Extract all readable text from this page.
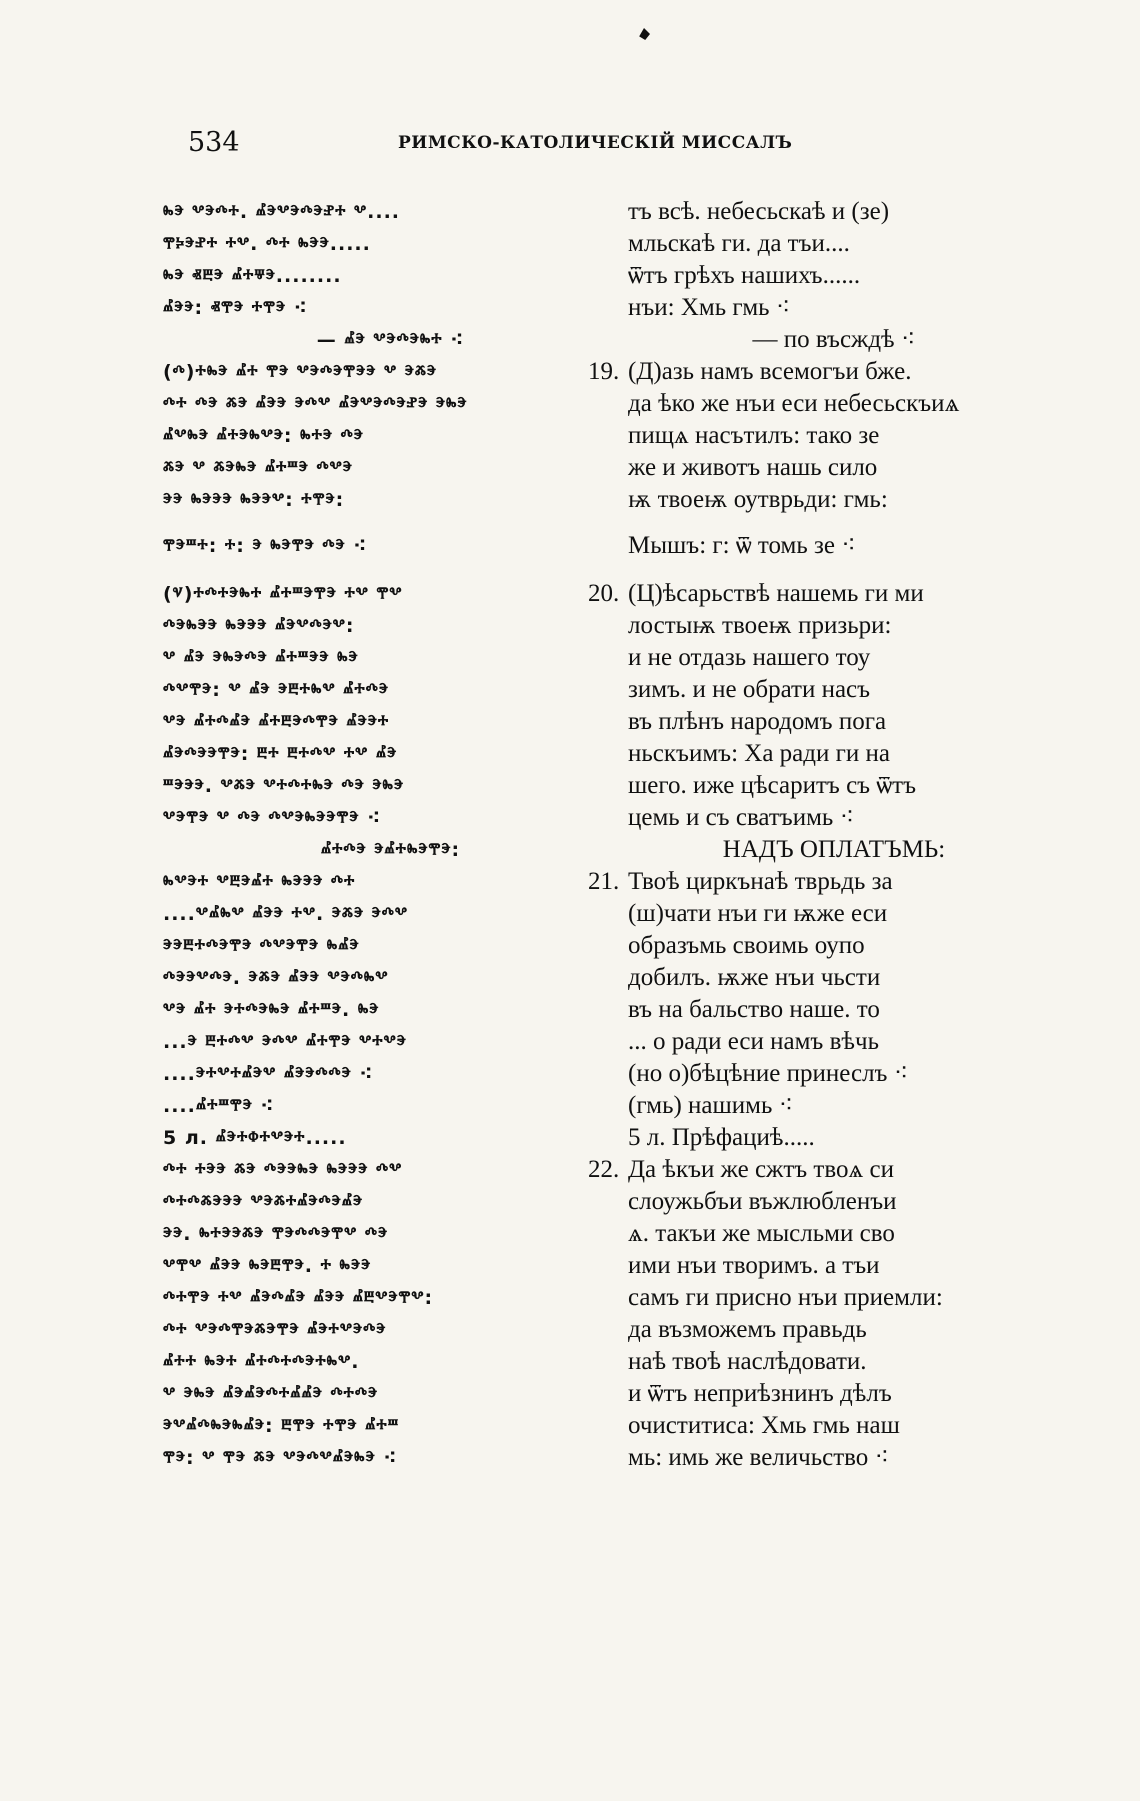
534	РИМСКО-КАТОЛИЧЕСКІЙ МИССАЛЪ
ⰸⰵ ⰲⰵⰴⰰ. ⰼⰵⰲⰵⰴⰵⱀⰰ ⰲ....
ⰹⰽⰵⱀⰰ ⰰⰲ. ⰴⰰ ⰸⰵⰵ.....
ⰸⰵ ⱏⰱⰵ ⰼⰰⱋⰵ........
ⰼⰵⰵ: ⱏⰹⰵ ⰰⰹⰵ ⁖
— ⰼⰵ ⰲⰵⰴⰵⰸⰰ ⁖
(ⰴ)ⰰⰸⰵ ⰼⰰ ⰹⰵ ⰲⰵⰴⰵⰹⰵⰵ ⰲ ⰵⰶⰵ
ⰴⰰ ⰴⰵ ⰶⰵ ⰼⰵⰵ ⰵⰴⰲ ⰼⰵⰲⰵⰴⰵⱀⰵ ⰵⰸⰵ
ⰼⰲⰸⰵ ⰼⰰⰵⰸⰲⰵ: ⰸⰰⰵ ⰴⰵ
ⰶⰵ ⰲ ⰶⰵⰸⰵ ⰼⰰⱎⰵ ⰴⰲⰵ
ⰵⰵ ⰸⰵⰵⰵ ⰸⰵⰵⰲ: ⰰⰹⰵ:
ⰹⰵⱎⰰ: ⰰ: ⰵ ⰸⰵⰹⰵ ⰴⰵ ⁖
(ⱌ)ⰰⰴⰰⰵⰸⰰ ⰼⰰⱎⰵⰹⰵ ⰰⰲ ⰹⰲ
ⰴⰵⰸⰵⰵ ⰸⰵⰵⰵ ⰼⰵⰲⰴⰵⰲ:
ⰲ ⰼⰵ ⰵⰸⰵⰴⰵ ⰼⰰⱎⰵⰵ ⰸⰵ
ⰴⰲⰹⰵ: ⰲ ⰼⰵ ⰵⰱⰰⰸⰲ ⰼⰰⰴⰵ
ⰲⰵ ⰼⰰⰴⰼⰵ ⰼⰰⰱⰵⰴⰹⰵ ⰼⰵⰵⰰ
ⰼⰵⰴⰵⰵⰹⰵ: ⰱⰰ ⰱⰰⰴⰲ ⰰⰲ ⰼⰵ
ⱎⰵⰵⰵ. ⰲⰶⰵ ⰲⰰⰴⰰⰸⰵ ⰴⰵ ⰵⰸⰵ
ⰲⰵⰹⰵ ⰲ ⰴⰵ ⰴⰲⰵⰸⰵⰵⰹⰵ ⁖
ⰼⰰⰴⰵ ⰵⰼⰰⰸⰵⰹⰵ:
ⰸⰲⰵⰰ ⰲⰱⰵⰼⰰ ⰸⰵⰵⰵ ⰴⰰ
....ⰲⰼⰸⰲ ⰼⰵⰵ ⰰⰲ. ⰵⰶⰵ ⰵⰴⰲ
ⰵⰵⰱⰰⰴⰵⰹⰵ ⰴⰲⰵⰹⰵ ⰸⰼⰵ
ⰴⰵⰵⰲⰴⰵ. ⰵⰶⰵ ⰼⰵⰵ ⰲⰵⰴⰸⰲ
ⰲⰵ ⰼⰰ ⰵⰰⰴⰵⰸⰵ ⰼⰰⱎⰵ. ⰸⰵ
...ⰵ ⰱⰰⰴⰲ ⰵⰴⰲ ⰼⰰⰹⰵ ⰲⰰⰲⰵ
....ⰵⰰⰲⰰⰼⰵⰲ ⰼⰵⰵⰴⰴⰵ ⁖
....ⰼⰰⱎⰹⰵ ⁖
5 л. ⰼⰵⰰⱇⰰⰲⰵⰰ.....
ⰴⰰ ⰰⰵⰵ ⰶⰵ ⰴⰵⰵⰸⰵ ⰸⰵⰵⰵ ⰴⰲ
ⰴⰰⰴⰶⰵⰵⰵ ⰲⰵⰶⰰⰼⰵⰴⰵⰼⰵ
ⰵⰵ. ⰸⰰⰵⰵⰶⰵ ⰹⰵⰴⰴⰵⰹⰲ ⰴⰵ
ⰲⰹⰲ ⰼⰵⰵ ⰸⰵⰱⰹⰵ. ⰰ ⰸⰵⰵ
ⰴⰰⰹⰵ ⰰⰲ ⰼⰵⰴⰼⰵ ⰼⰵⰵ ⰼⰱⰲⰵⰹⰲ:
ⰴⰰ ⰲⰵⰴⰹⰵⰶⰵⰹⰵ ⰼⰵⰰⰲⰵⰴⰵ
ⰼⰰⰰ ⰸⰵⰰ ⰼⰰⰴⰰⰴⰵⰰⰸⰲ.
ⰲ ⰵⰸⰵ ⰼⰵⰼⰵⰴⰰⰼⰼⰵ ⰴⰰⰴⰵ
ⰵⰲⰼⰴⰸⰵⰸⰼⰵ: ⰱⰹⰵ ⰰⰹⰵ ⰼⰰⱎ
ⰹⰵ: ⰲ ⰹⰵ ⰶⰵ ⰲⰵⰴⰲⰼⰵⰸⰵ ⁖
тъ всѣ. небесьскаѣ и (зе)
мльскаѣ ги. да тъи....
ѿтъ грѣхъ нашихъ......
нъи: Хмь гмь ⁖
— по въсждѣ ⁖
19. (Д)азь намъ всемогъи бже.
да ѣко же нъи еси небесьскъиѧ
пищѧ насътилъ: тако зе
же и животъ нашь сило
ѭ твоеѭ оутврьди: гмь:
Мышъ: г: ѿ томь зе ⁖
20. (Ц)ѣсарьствѣ нашемь ги ми
лостыѭ твоеѭ призьри:
и не отдазь нашего тоу
зимъ. и не обрати насъ
въ плѣнъ народомъ пога
ньскъимъ: Ха ради ги на
шего. иже цѣсаритъ съ ѿтъ
цемь и съ сватъимь ⁖
НАДЪ ОПЛАТЪМЬ:
21. Твоѣ циркънаѣ тврьдь за
(ш)чати нъи ги ѭже еси
образъмь своимь оупо
добилъ. ѭже нъи чьсти
въ на бальство наше. то
... о ради еси намъ вѣчь
(но о)бѣцѣние принеслъ ⁖
(гмь) нашимь ⁖
5 л. Прѣфациѣ.....
22. Да ѣкъи же сжтъ твоѧ си
слоужьбъи въжлюбленъи
ѧ. такъи же мысльми сво
ими нъи творимъ. а тъи
самъ ги присно нъи приемли:
да възможемъ правьдь
наѣ твоѣ наслѣдовати.
и ѿтъ неприѣзнинъ дѣлъ
очиститиса: Хмь гмь наш
мь: имь же величьство ⁖
